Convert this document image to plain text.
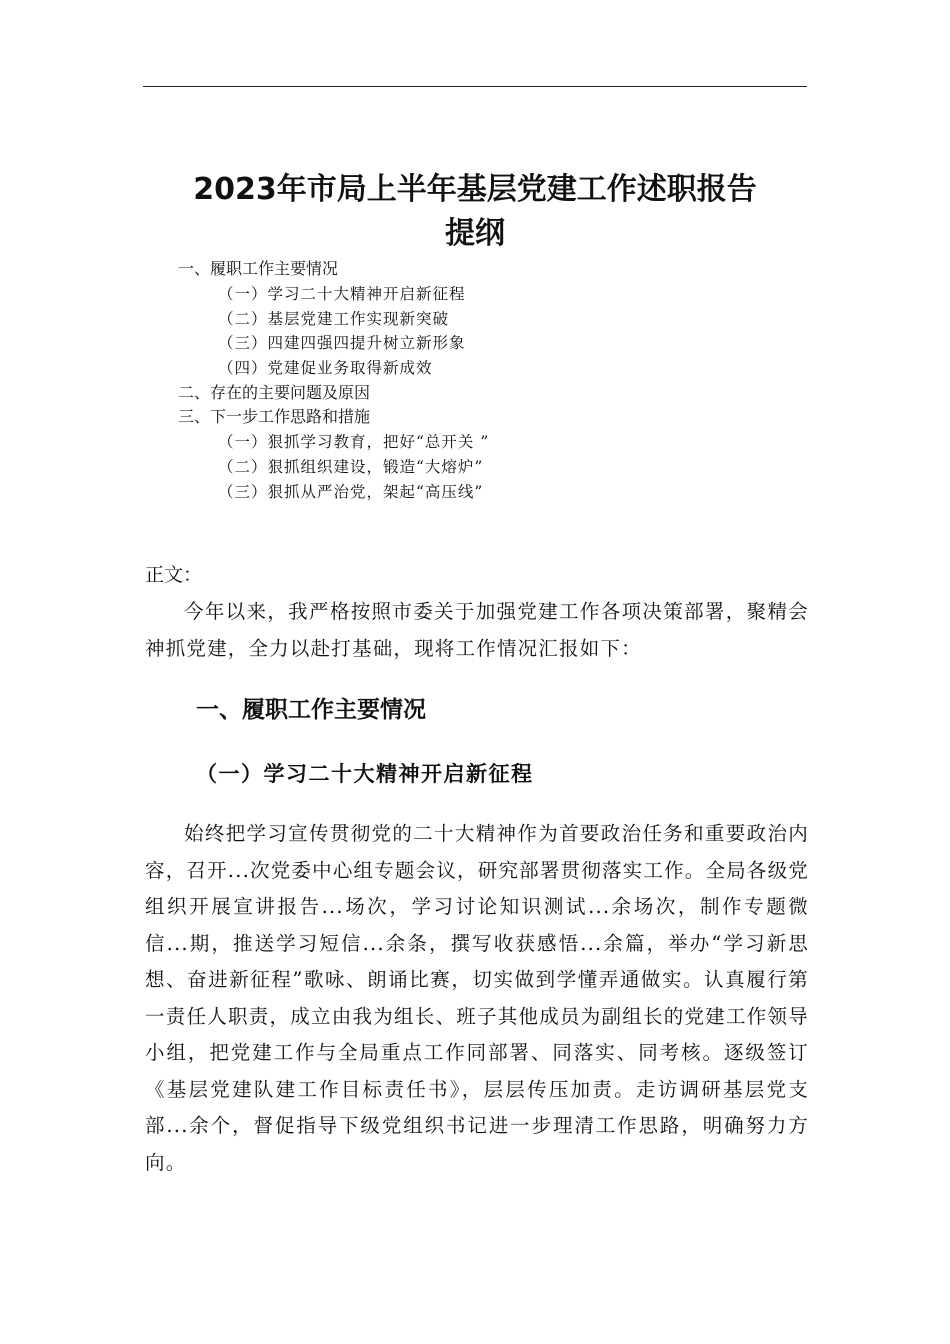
2023年市局上半年基层党建工作述职报告
提纲
一、履职工作主要情况
（一）学习二十大精神开启新征程
（二）基层党建工作实现新突破
（三）四建四强四提升树立新形象
（四）党建促业务取得新成效
二、存在的主要问题及原因
三、下一步工作思路和措施
（一）狠抓学习教育，把好“总开关 ”
（二）狠抓组织建设，锻造“大熔炉”
（三）狠抓从严治党，架起“高压线”
正文：
今年以来，我严格按照市委关于加强党建工作各项决策部署，聚精会神抓党建，全力以赴打基础，现将工作情况汇报如下：
一、履职工作主要情况
（一）学习二十大精神开启新征程
始终把学习宣传贯彻党的二十大精神作为首要政治任务和重要政治内容，召开...次党委中心组专题会议，研究部署贯彻落实工作。全局各级党组织开展宣讲报告...场次，学习讨论知识测试...余场次，制作专题微信...期，推送学习短信...余条，撰写收获感悟...余篇，举办“学习新思想、奋进新征程”歌咏、朗诵比赛，切实做到学懂弄通做实。认真履行第一责任人职责，成立由我为组长、班子其他成员为副组长的党建工作领导小组，把党建工作与全局重点工作同部署、同落实、同考核。逐级签订《基层党建队建工作目标责任书》，层层传压加责。走访调研基层党支部...余个，督促指导下级党组织书记进一步理清工作思路，明确努力方向。
